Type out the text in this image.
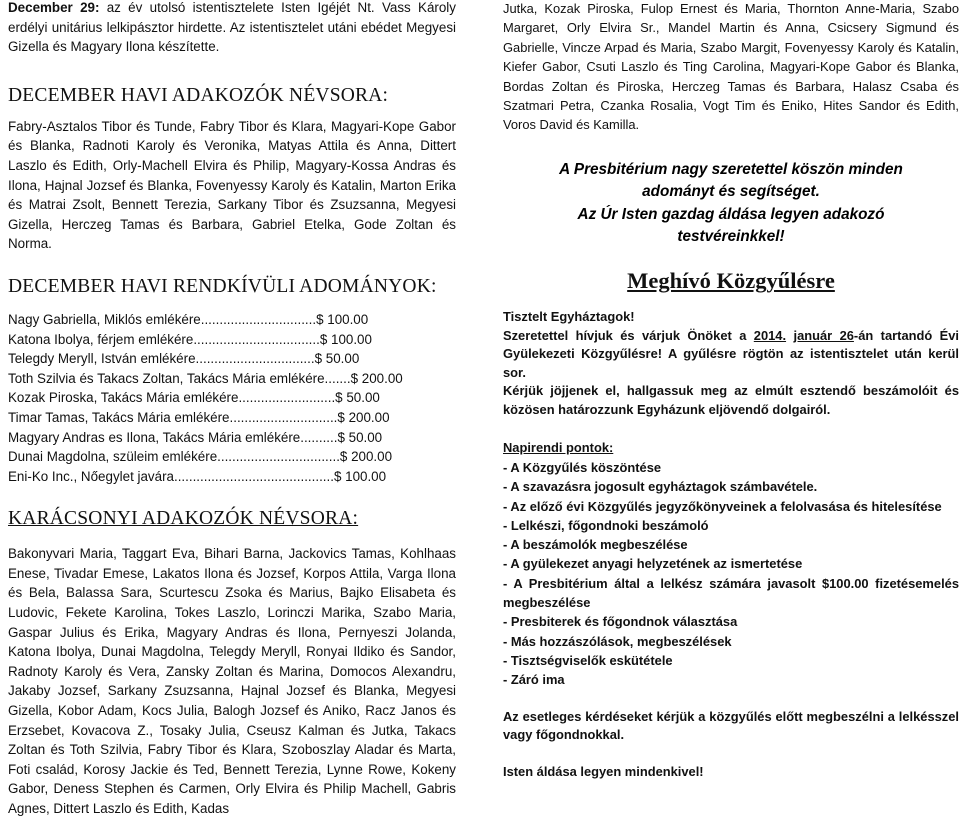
December 29: az év utolsó istentisztelete Isten Igéjét Nt. Vass Károly erdélyi unitárius lelkipásztor hirdette. Az istentisztelet utáni ebédet Megyesi Gizella és Magyary Ilona készítette.

DECEMBER HAVI ADAKOZÓK NÉVSORA:

Fabry-Asztalos Tibor és Tunde, Fabry Tibor és Klara, Magyari-Kope Gabor és Blanka, Radnoti Karoly és Veronika, Matyas Attila és Anna, Dittert Laszlo és Edith, Orly-Machell Elvira és Philip, Magyary-Kossa Andras és Ilona, Hajnal Jozsef és Blanka, Fovenyessy Karoly és Katalin, Marton Erika és Matrai Zsolt, Bennett Terezia, Sarkany Tibor és Zsuzsanna, Megyesi Gizella, Herczeg Tamas és Barbara, Gabriel Etelka, Gode Zoltan és Norma.

DECEMBER HAVI RENDKÍVÜLI ADOMÁNYOK:
Nagy Gabriella, Miklós emlékére...............................$ 100.00
Katona Ibolya, férjem emlékére..................................$ 100.00
Telegdy Meryll, István emlékére................................$ 50.00
Toth Szilvia és Takacs Zoltan, Takács Mária emlékére.......$ 200.00
Kozak Piroska, Takács Mária emlékére..........................$ 50.00
Timar Tamas, Takács Mária emlékére.............................$ 200.00
Magyary Andras es Ilona, Takács Mária emlékére..........$ 50.00
Dunai Magdolna, szüleim emlékére.................................$ 200.00
Eni-Ko Inc., Nőegylet javára...........................................$ 100.00
KARÁCSONYI ADAKOZÓK NÉVSORA:

Bakonyvari Maria, Taggart Eva, Bihari Barna, Jackovics Tamas, Kohlhaas Enese, Tivadar Emese, Lakatos Ilona és Jozsef, Korpos Attila, Varga Ilona és Bela, Balassa Sara, Scurtescu Zsoka és Marius, Bajko Elisabeta és Ludovic, Fekete Karolina, Tokes Laszlo, Lorinczi Marika, Szabo Maria, Gaspar Julius és Erika, Magyary Andras és Ilona, Pernyeszi Jolanda, Katona Ibolya, Dunai Magdolna, Telegdy Meryll, Ronyai Ildiko és Sandor, Radnoty Karoly és Vera, Zansky Zoltan és Marina, Domocos Alexandru, Jakaby Jozsef, Sarkany Zsuzsanna, Hajnal Jozsef és Blanka, Megyesi Gizella, Kobor Adam, Kocs Julia, Balogh Jozsef és Aniko, Racz Janos és Erzsebet, Kovacova Z., Tosaky Julia, Cseusz Kalman és Jutka, Takacs Zoltan és Toth Szilvia, Fabry Tibor és Klara, Szoboszlay Aladar és Marta, Foti család, Korosy Jackie és Ted, Bennett Terezia, Lynne Rowe, Kokeny Gabor, Deness Stephen és Carmen, Orly Elvira és Philip Machell, Gabris Agnes, Dittert Laszlo és Edith, Kadas

Jutka, Kozak Piroska, Fulop Ernest és Maria, Thornton Anne-Maria, Szabo Margaret, Orly Elvira Sr., Mandel Martin és Anna, Csicsery Sigmund és Gabrielle, Vincze Arpad és Maria, Szabo Margit, Fovenyessy Karoly és Katalin, Kiefer Gabor, Csuti Laszlo és Ting Carolina, Magyari-Kope Gabor és Blanka, Bordas Zoltan és Piroska, Herczeg Tamas és Barbara, Halasz Csaba és Szatmari Petra, Czanka Rosalia, Vogt Tim és Eniko, Hites Sandor és Edith, Voros David és Kamilla.

A Presbitérium nagy szeretettel köszön minden
adományt és segítséget.
Az Úr Isten gazdag áldása legyen adakozó
testvéreinkkel!
Meghívó Közgyűlésre

Tisztelt Egyháztagok!

Szeretettel hívjuk és várjuk Önöket a 2014. január 26-án tartandó Évi Gyülekezeti Közgyűlésre! A gyűlésre rögtön az istentisztelet után kerül sor.

Kérjük jöjjenek el, hallgassuk meg az elmúlt esztendő beszámolóit és közösen határozzunk Egyházunk eljövendő dolgairól.

Napirendi pontok:

- A Közgyűlés köszöntése
- A szavazásra jogosult egyháztagok számbavétele.
- Az előző évi Közgyűlés jegyzőkönyveinek a felolvasása és hitelesítése
- Lelkészi, főgondnoki beszámoló
- A beszámolók megbeszélése
- A gyülekezet anyagi helyzetének az ismertetése
- A Presbitérium által a lelkész számára javasolt $100.00 fizetésemelés megbeszélése
- Presbiterek és főgondnok választása
- Más hozzászólások, megbeszélések
- Tisztségviselők eskütétele
- Záró ima

Az esetleges kérdéseket kérjük a közgyűlés előtt megbeszélni a lelkésszel vagy főgondnokkal.

Isten áldása legyen mindenkivel!
